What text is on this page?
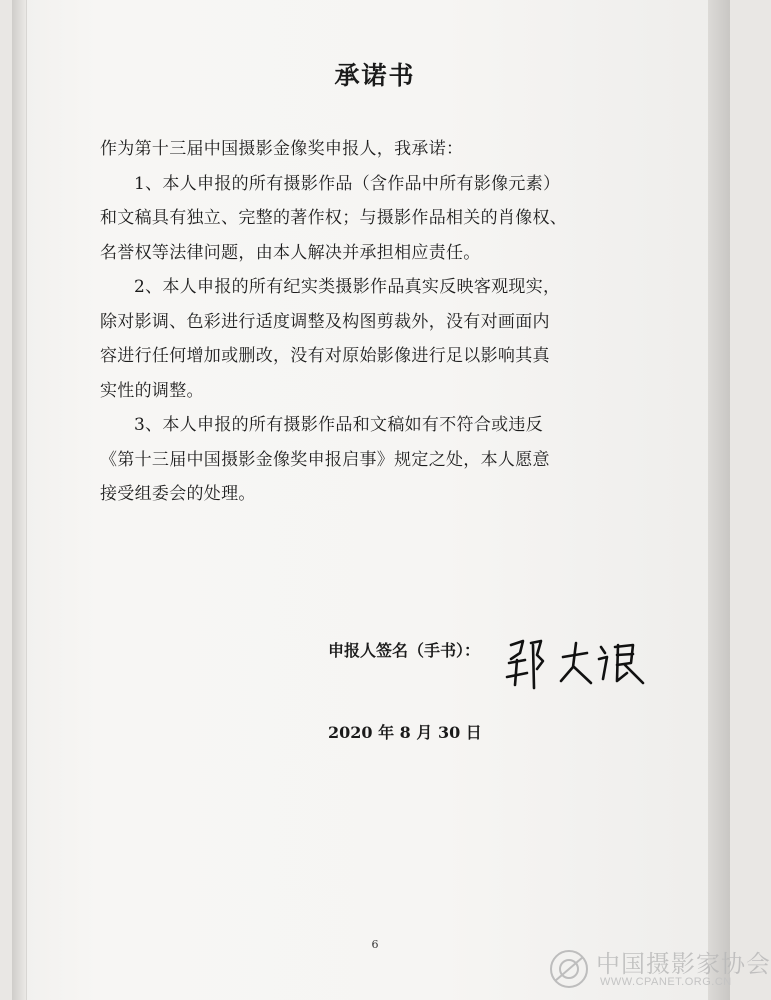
承诺书
作为第十三届中国摄影金像奖申报人，我承诺：
1、本人申报的所有摄影作品（含作品中所有影像元素）
和文稿具有独立、完整的著作权；与摄影作品相关的肖像权、
名誉权等法律问题，由本人解决并承担相应责任。
2、本人申报的所有纪实类摄影作品真实反映客观现实，
除对影调、色彩进行适度调整及构图剪裁外，没有对画面内
容进行任何增加或删改，没有对原始影像进行足以影响其真
实性的调整。
3、本人申报的所有摄影作品和文稿如有不符合或违反
《第十三届中国摄影金像奖申报启事》规定之处，本人愿意
接受组委会的处理。
申报人签名（手书）：
2020 年 8 月 30 日
6
中国摄影家协会
WWW.CPANET.ORG.CN
